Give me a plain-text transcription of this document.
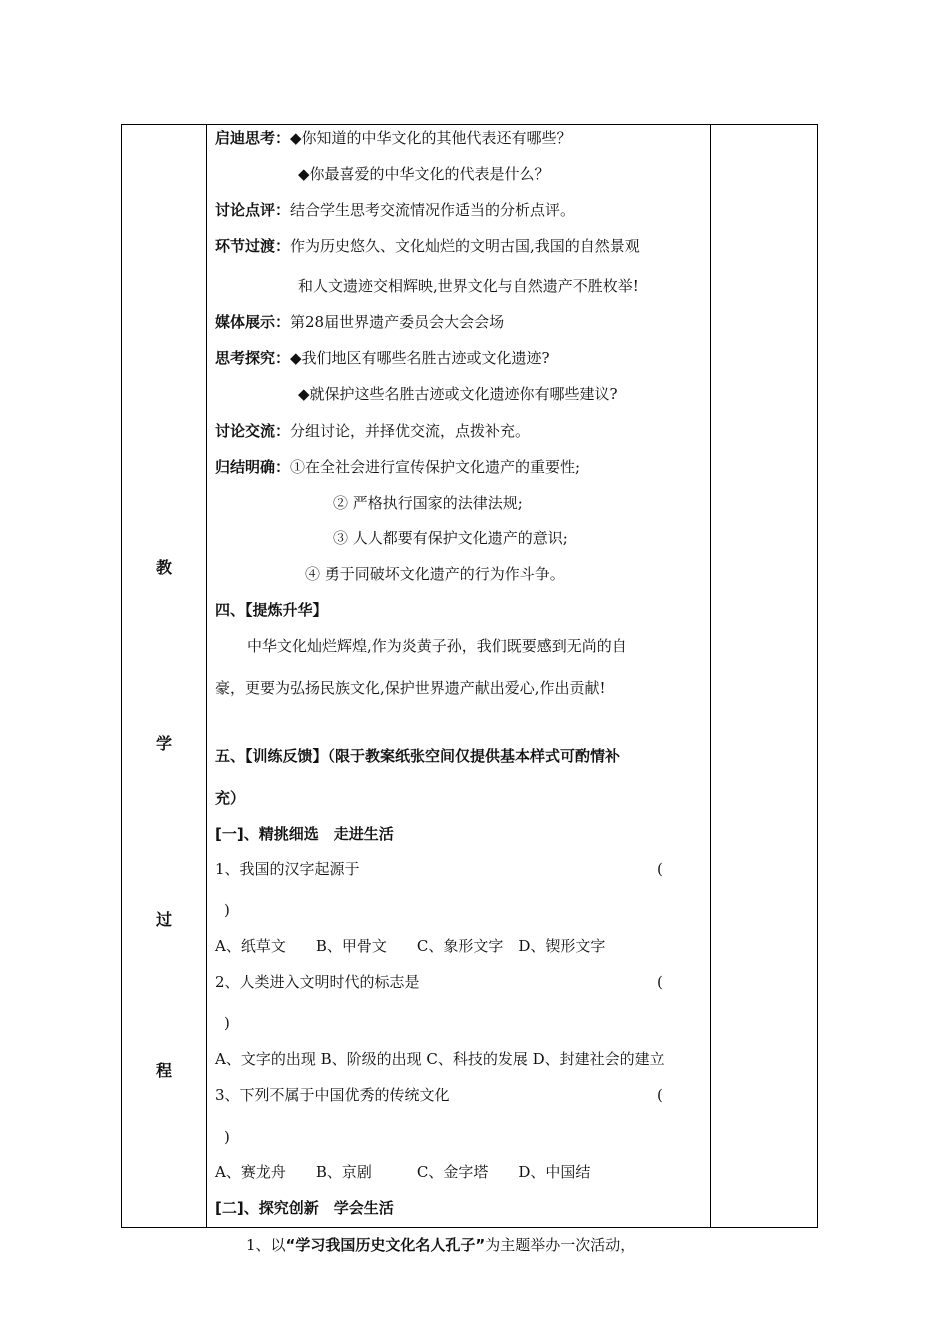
教
学
过
程
启迪思考：◆你知道的中华文化的其他代表还有哪些？
◆你最喜爱的中华文化的代表是什么？
讨论点评：结合学生思考交流情况作适当的分析点评。
环节过渡：作为历史悠久、文化灿烂的文明古国,我国的自然景观
和人文遗迹交相辉映,世界文化与自然遗产不胜枚举!
媒体展示：第28届世界遗产委员会大会会场
思考探究：◆我们地区有哪些名胜古迹或文化遗迹?
◆就保护这些名胜古迹或文化遗迹你有哪些建议?
讨论交流：分组讨论，并择优交流，点拨补充。
归结明确：①在全社会进行宣传保护文化遗产的重要性;
② 严格执行国家的法律法规;
③ 人人都要有保护文化遗产的意识;
④ 勇于同破坏文化遗产的行为作斗争。
四、【提炼升华】
中华文化灿烂辉煌,作为炎黄子孙，我们既要感到无尚的自
豪，更要为弘扬民族文化,保护世界遗产献出爱心,作出贡献!
五、【训练反馈】（限于教案纸张空间仅提供基本样式可酌情补
充）
[一]、精挑细选　走进生活
1、我国的汉字起源于	(
)
A、纸草文　　B、甲骨文　　C、象形文字　D、锲形文字
2、人类进入文明时代的标志是	(
)
A、文字的出现 B、阶级的出现 C、科技的发展 D、封建社会的建立
3、下列不属于中国优秀的传统文化	(
)
A、赛龙舟　　B、京剧　　　C、金字塔　　D、中国结
[二]、探究创新　学会生活
1、以“学习我国历史文化名人孔子”为主题举办一次活动，
